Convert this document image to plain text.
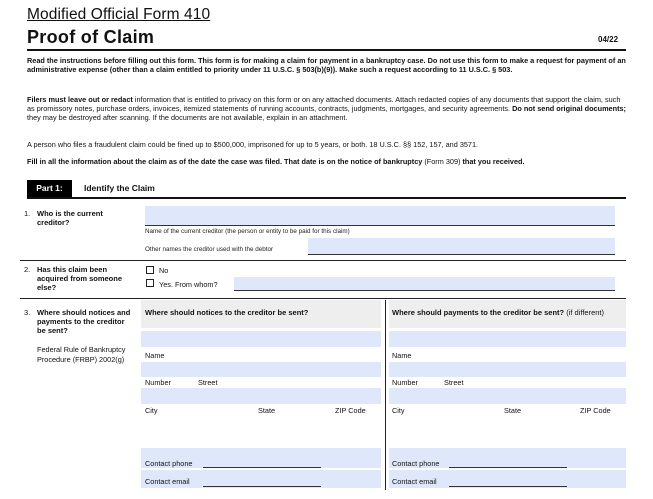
Modified Official Form 410
Proof of Claim	04/22
Read the instructions before filling out this form. This form is for making a claim for payment in a bankruptcy case. Do not use this form to make a request for payment of an administrative expense (other than a claim entitled to priority under 11 U.S.C. § 503(b)(9)). Make such a request according to 11 U.S.C. § 503.
Filers must leave out or redact information that is entitled to privacy on this form or on any attached documents. Attach redacted copies of any documents that support the claim, such as promissory notes, purchase orders, invoices, itemized statements of running accounts, contracts, judgments, mortgages, and security agreements. Do not send original documents; they may be destroyed after scanning. If the documents are not available, explain in an attachment.
A person who files a fraudulent claim could be fined up to $500,000, imprisoned for up to 5 years, or both. 18 U.S.C. §§ 152, 157, and 3571.
Fill in all the information about the claim as of the date the case was filed. That date is on the notice of bankruptcy (Form 309) that you received.
Part 1:	Identify the Claim
1. Who is the current creditor?
Name of the current creditor (the person or entity to be paid for this claim)
Other names the creditor used with the debtor
2. Has this claim been acquired from someone else?
No
Yes. From whom?
3. Where should notices and payments to the creditor be sent?
Federal Rule of Bankruptcy Procedure (FRBP) 2002(g)
Where should notices to the creditor be sent?
Name
Number	Street
City	State	ZIP Code
Contact phone
Contact email
Where should payments to the creditor be sent? (if different)
Name
Number	Street
City	State	ZIP Code
Contact phone
Contact email
